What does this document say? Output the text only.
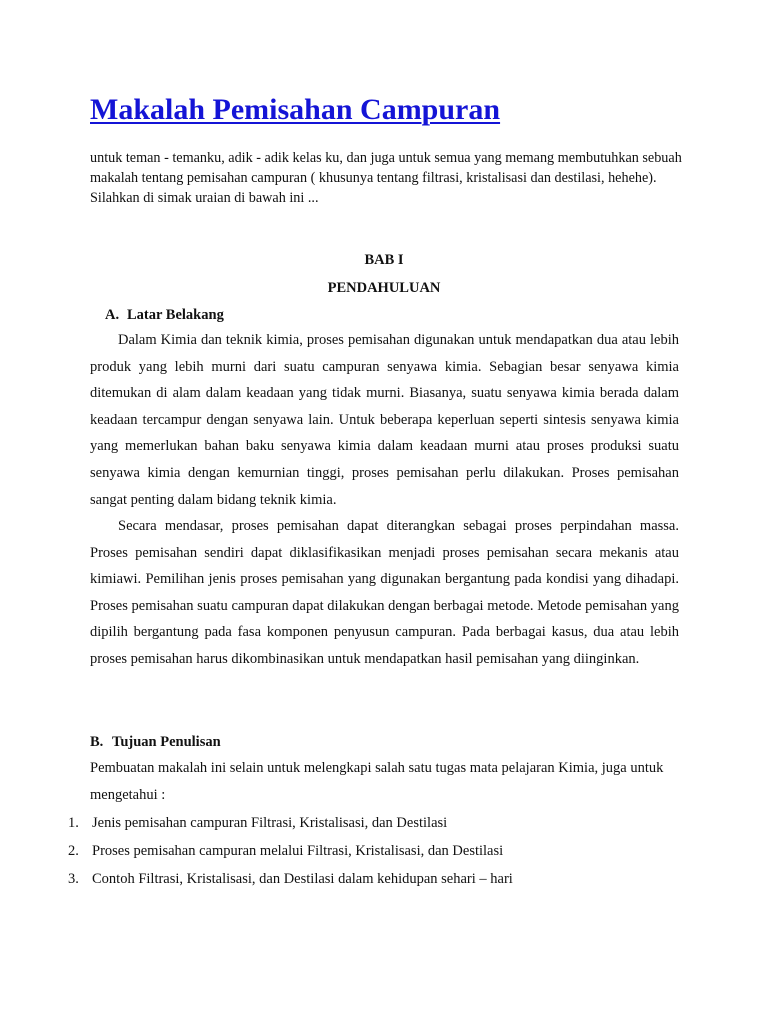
Makalah Pemisahan Campuran

untuk teman - temanku, adik - adik kelas ku, dan juga untuk semua yang memang membutuhkan sebuah makalah tentang pemisahan campuran ( khusunya tentang filtrasi, kristalisasi dan destilasi, hehehe). Silahkan di simak uraian di bawah ini ...

BAB I

PENDAHULUAN

A. Latar Belakang

Dalam Kimia dan teknik kimia, proses pemisahan digunakan untuk mendapatkan dua atau lebih produk yang lebih murni dari suatu campuran senyawa kimia. Sebagian besar senyawa kimia ditemukan di alam dalam keadaan yang tidak murni. Biasanya, suatu senyawa kimia berada dalam keadaan tercampur dengan senyawa lain. Untuk beberapa keperluan seperti sintesis senyawa kimia yang memerlukan bahan baku senyawa kimia dalam keadaan murni atau proses produksi suatu senyawa kimia dengan kemurnian tinggi, proses pemisahan perlu dilakukan. Proses pemisahan sangat penting dalam bidang teknik kimia.

Secara mendasar, proses pemisahan dapat diterangkan sebagai proses perpindahan massa. Proses pemisahan sendiri dapat diklasifikasikan menjadi proses pemisahan secara mekanis atau kimiawi. Pemilihan jenis proses pemisahan yang digunakan bergantung pada kondisi yang dihadapi. Proses pemisahan suatu campuran dapat dilakukan dengan berbagai metode. Metode pemisahan yang dipilih bergantung pada fasa komponen penyusun campuran. Pada berbagai kasus, dua atau lebih proses pemisahan harus dikombinasikan untuk mendapatkan hasil pemisahan yang diinginkan.

B. Tujuan Penulisan

Pembuatan makalah ini selain untuk melengkapi salah satu tugas mata pelajaran Kimia, juga untuk mengetahui :

1. Jenis pemisahan campuran Filtrasi, Kristalisasi, dan Destilasi
2. Proses pemisahan campuran melalui Filtrasi, Kristalisasi, dan Destilasi
3. Contoh Filtrasi, Kristalisasi, dan Destilasi dalam kehidupan sehari – hari
